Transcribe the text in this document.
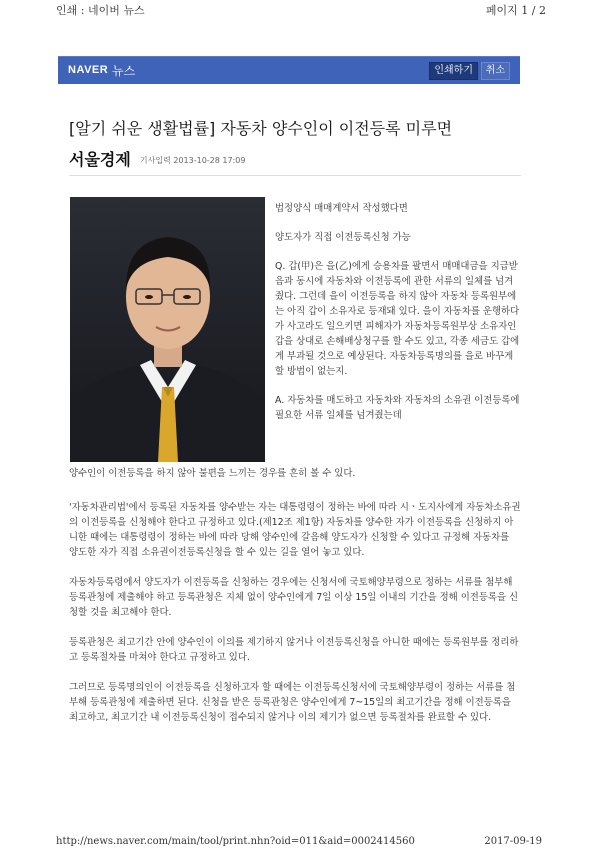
인쇄 : 네이버 뉴스	페이지 1 / 2
NAVER 뉴스	인쇄하기	취소
[알기 쉬운 생활법률] 자동차 양수인이 이전등록 미루면
서울경제 기사입력 2013-10-28 17:09

법정양식 매매계약서 작성했다면

양도자가 직접 이전등록신청 가능

Q. 갑(甲)은 을(乙)에게 승용차를 팔면서 매매대금을 지급받음과 동시에 자동차와 이전등록에 관한 서류의 일체를 넘겨줬다. 그런데 을이 이전등록을 하지 않아 자동차 등록원부에는 아직 갑이 소유자로 등재돼 있다. 을이 자동차를 운행하다가 사고라도 일으키면 피해자가 자동차등록원부상 소유자인 갑을 상대로 손해배상청구를 할 수도 있고, 각종 세금도 갑에게 부과될 것으로 예상된다. 자동차등록명의를 을로 바꾸게 할 방법이 없는지.

A. 자동차를 매도하고 자동차와 자동차의 소유권 이전등록에 필요한 서류 일체를 넘겨줬는데

양수인이 이전등록을 하지 않아 불편을 느끼는 경우를 흔히 볼 수 있다.

'자동차관리법'에서 등록된 자동차를 양수받는 자는 대통령령이 정하는 바에 따라 시ㆍ도지사에게 자동차소유권의 이전등록을 신청해야 한다고 규정하고 있다.(제12조 제1항) 자동차를 양수한 자가 이전등록을 신청하지 아니한 때에는 대통령령이 정하는 바에 따라 당해 양수인에 갈음해 양도자가 신청할 수 있다고 규정해 자동차를 양도한 자가 직접 소유권이전등록신청을 할 수 있는 길을 열어 놓고 있다.

자동차등록령에서 양도자가 이전등록을 신청하는 경우에는 신청서에 국토해양부령으로 정하는 서류를 첨부해 등록관청에 제출해야 하고 등록관청은 지체 없이 양수인에게 7일 이상 15일 이내의 기간을 정해 이전등록을 신청할 것을 최고해야 한다.

등록관청은 최고기간 안에 양수인이 이의를 제기하지 않거나 이전등록신청을 아니한 때에는 등록원부를 정리하고 등록절차를 마쳐야 한다고 규정하고 있다.

그러므로 등록명의인이 이전등록을 신청하고자 할 때에는 이전등록신청서에 국토해양부령이 정하는 서류를 첨부해 등록관청에 제출하면 된다. 신청을 받은 등록관청은 양수인에게 7~15일의 최고기간을 정해 이전등록을 최고하고, 최고기간 내 이전등록신청이 접수되지 않거나 이의 제기가 없으면 등록절차를 완료할 수 있다.

http://news.naver.com/main/tool/print.nhn?oid=011&aid=0002414560	2017-09-19
